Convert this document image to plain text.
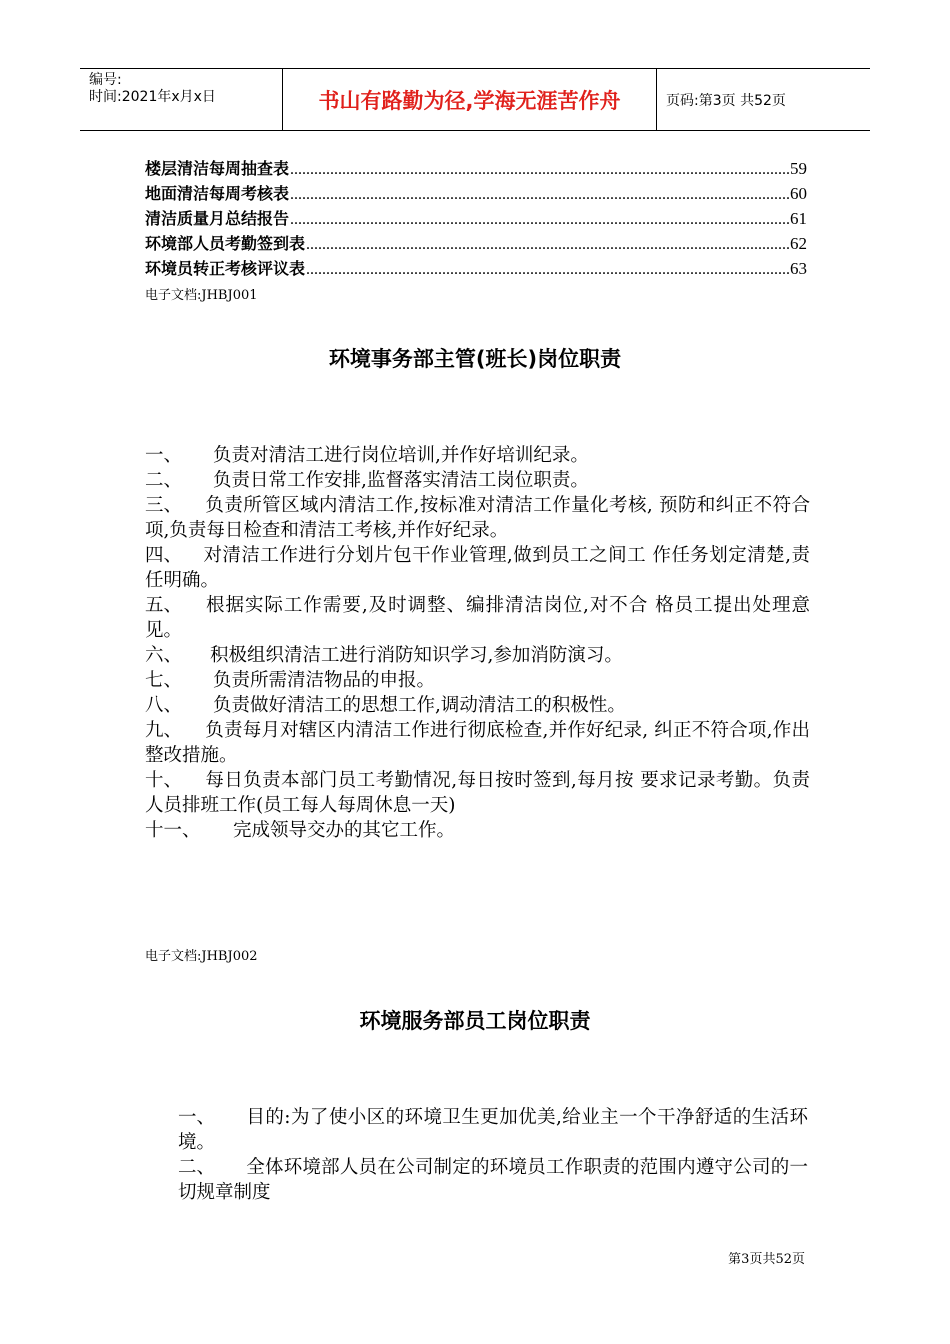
编号:
时间:2021年x月x日	书山有路勤为径,学海无涯苦作舟	页码:第3页 共52页
楼层清洁每周抽查表 .....	59
地面清洁每周考核表 .....	60
清洁质量月总结报告 .....	61
环境部人员考勤签到表 .....	62
环境员转正考核评议表 .....	63
电子文档:JHBJ001
环境事务部主管(班长)岗位职责
一、 负责对清洁工进行岗位培训,并作好培训纪录。
二、 负责日常工作安排,监督落实清洁工岗位职责。
三、 负责所管区域内清洁工作,按标准对清洁工作量化考核, 预防和纠正不符合项,负责每日检查和清洁工考核,并作好纪录。
四、 对清洁工作进行分划片包干作业管理,做到员工之间工 作任务划定清楚,责任明确。
五、 根据实际工作需要,及时调整、编排清洁岗位,对不合 格员工提出处理意见。
六、 积极组织清洁工进行消防知识学习,参加消防演习。
七、 负责所需清洁物品的申报。
八、 负责做好清洁工的思想工作,调动清洁工的积极性。
九、 负责每月对辖区内清洁工作进行彻底检查,并作好纪录, 纠正不符合项,作出整改措施。
十、 每日负责本部门员工考勤情况,每日按时签到,每月按 要求记录考勤。负责人员排班工作(员工每人每周休息一天)
十一、 完成领导交办的其它工作。
电子文档:JHBJ002
环境服务部员工岗位职责
一、 目的:为了使小区的环境卫生更加优美,给业主一个干净舒适的生活环境。
二、 全体环境部人员在公司制定的环境员工作职责的范围内遵守公司的一切规章制度
第3页共52页
